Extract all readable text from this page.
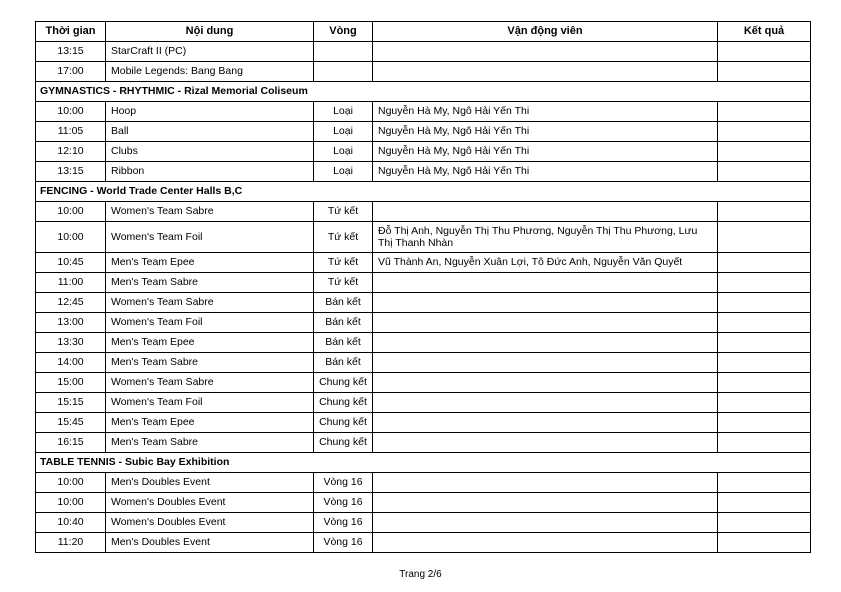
Thời gian	Nội dung	Vòng	Vận động viên	Kết quả
13:15	StarCraft II (PC)			
17:00	Mobile Legends: Bang Bang			
GYMNASTICS - RHYTHMIC - Rizal Memorial Coliseum				
10:00	Hoop	Loại	Nguyễn Hà My, Ngô Hải Yến Thi	
11:05	Ball	Loại	Nguyễn Hà My, Ngô Hải Yến Thi	
12:10	Clubs	Loại	Nguyễn Hà My, Ngô Hải Yến Thi	
13:15	Ribbon	Loại	Nguyễn Hà My, Ngô Hải Yến Thi	
FENCING - World Trade Center Halls B,C				
10:00	Women's Team Sabre	Tứ kết		
10:00	Women's Team Foil	Tứ kết	Đỗ Thị Anh, Nguyễn Thị Thu Phương, Nguyễn Thị Thu Phương, Lưu Thị Thanh Nhàn	
10:45	Men's Team Epee	Tứ kết	Vũ Thành An, Nguyễn Xuân Lợi, Tô Đức Anh, Nguyễn Văn Quyết	
11:00	Men's Team Sabre	Tứ kết		
12:45	Women's Team Sabre	Bán kết		
13:00	Women's Team Foil	Bán kết		
13:30	Men's Team Epee	Bán kết		
14:00	Men's Team Sabre	Bán kết		
15:00	Women's Team Sabre	Chung kết		
15:15	Women's Team Foil	Chung kết		
15:45	Men's Team Epee	Chung kết		
16:15	Men's Team Sabre	Chung kết		
TABLE TENNIS - Subic Bay Exhibition				
10:00	Men's Doubles Event	Vòng 16		
10:00	Women's Doubles Event	Vòng 16		
10:40	Women's Doubles Event	Vòng 16		
11:20	Men's Doubles Event	Vòng 16		
Trang 2/6
